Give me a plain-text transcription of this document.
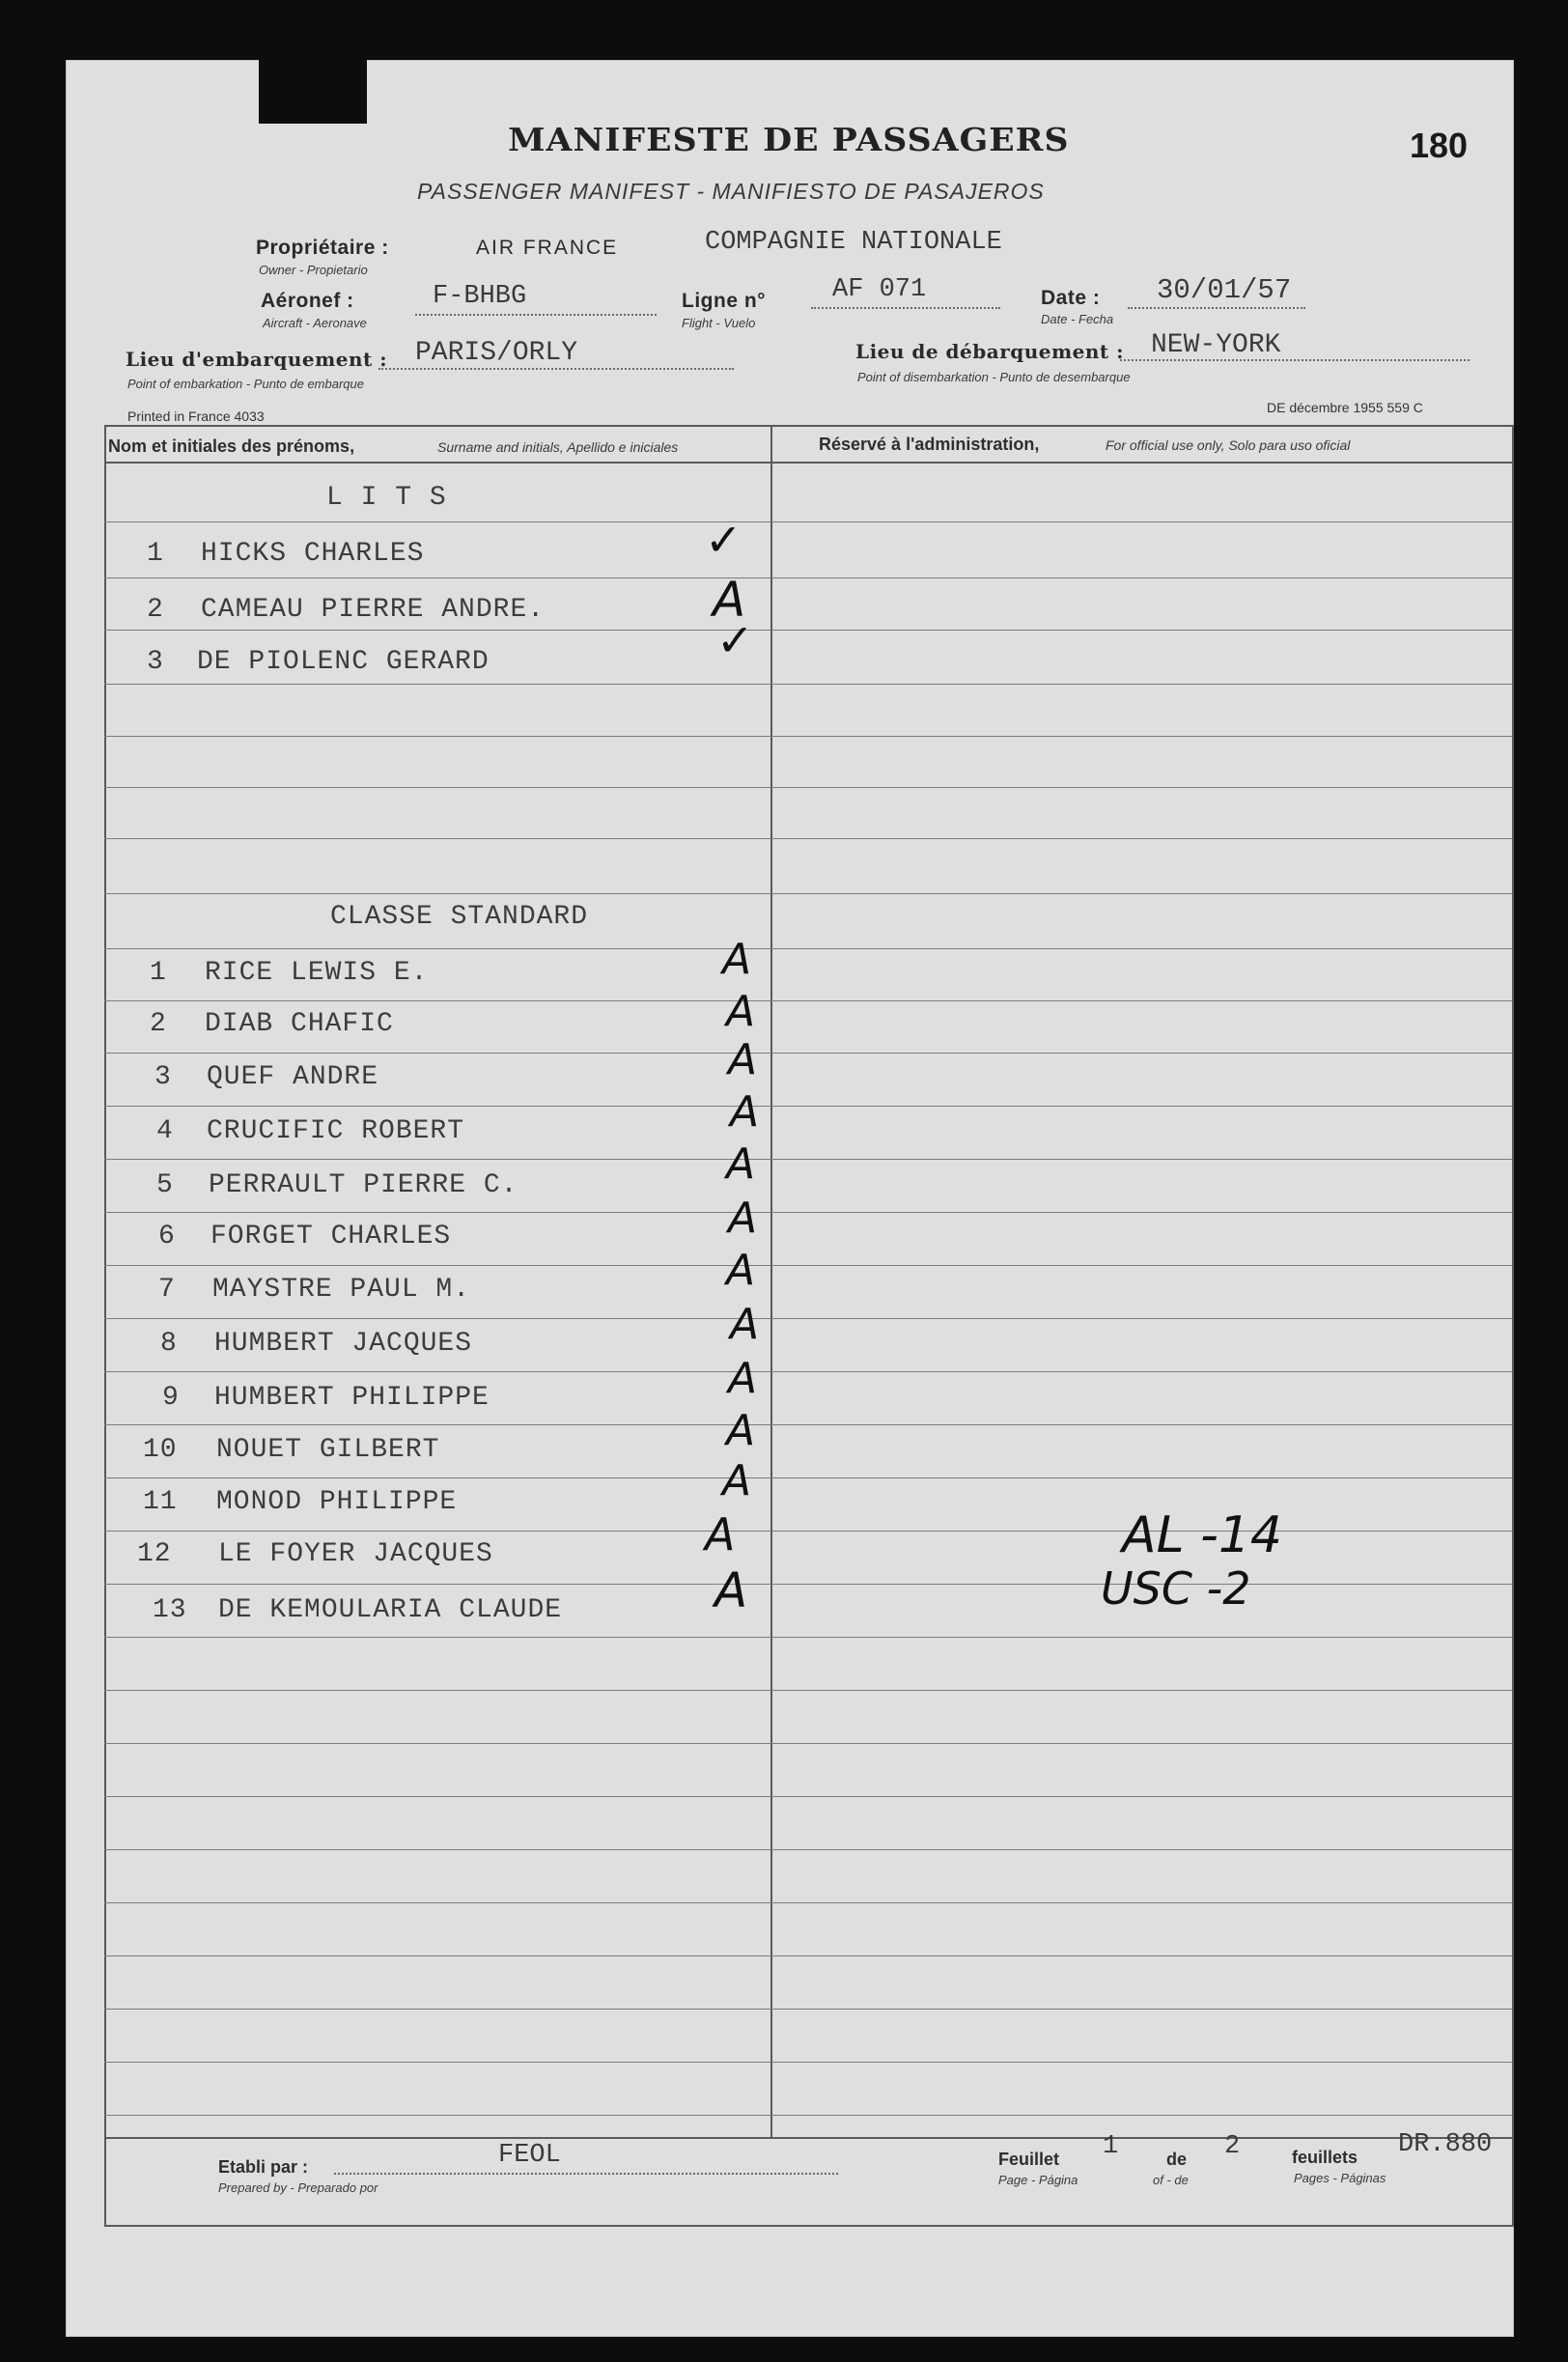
180
MANIFESTE DE PASSAGERS
PASSENGER MANIFEST - MANIFIESTO DE PASAJEROS
Propriétaire :
Owner - Propietario
AIR FRANCE	COMPAGNIE NATIONALE
Aéronef :
Aircraft - Aeronave
F-BHBG	Ligne n°
Flight - Vuelo
AF 071	Date :
Date - Fecha
30/01/57
Lieu d'embarquement :
Point of embarkation - Punto de embarque
PARIS/ORLY	Lieu de débarquement :
Point of disembarkation - Punto de desembarque
NEW-YORK
Printed in France 4033
DE décembre 1955 559 C
Nom et initiales des prénoms,	Surname and initials, Apellido e iniciales	Réservé à l'administration,	For official use only, Solo para uso oficial
L I T S
1 HICKS CHARLES	✓
2 CAMEAU PIERRE ANDRE.	A
3 DE PIOLENC GERARD	✓
CLASSE STANDARD
1 RICE LEWIS E.	A
2 DIAB CHAFIC	A
3 QUEF ANDRE	A
4 CRUCIFIC ROBERT	A
5 PERRAULT PIERRE C.	A
6 FORGET CHARLES	A
7 MAYSTRE PAUL M.	A
8 HUMBERT JACQUES	A
9 HUMBERT PHILIPPE	A
10 NOUET GILBERT	A
11 MONOD PHILIPPE	A
12 LE FOYER JACQUES	A
13 DE KEMOULARIA CLAUDE	A
AL -14
USC -2
Etabli par :
Prepared by - Preparado por
FEOL	Feuillet 1	de 2	feuillets
Page - Página	of - de	Pages - Páginas
DR.880
